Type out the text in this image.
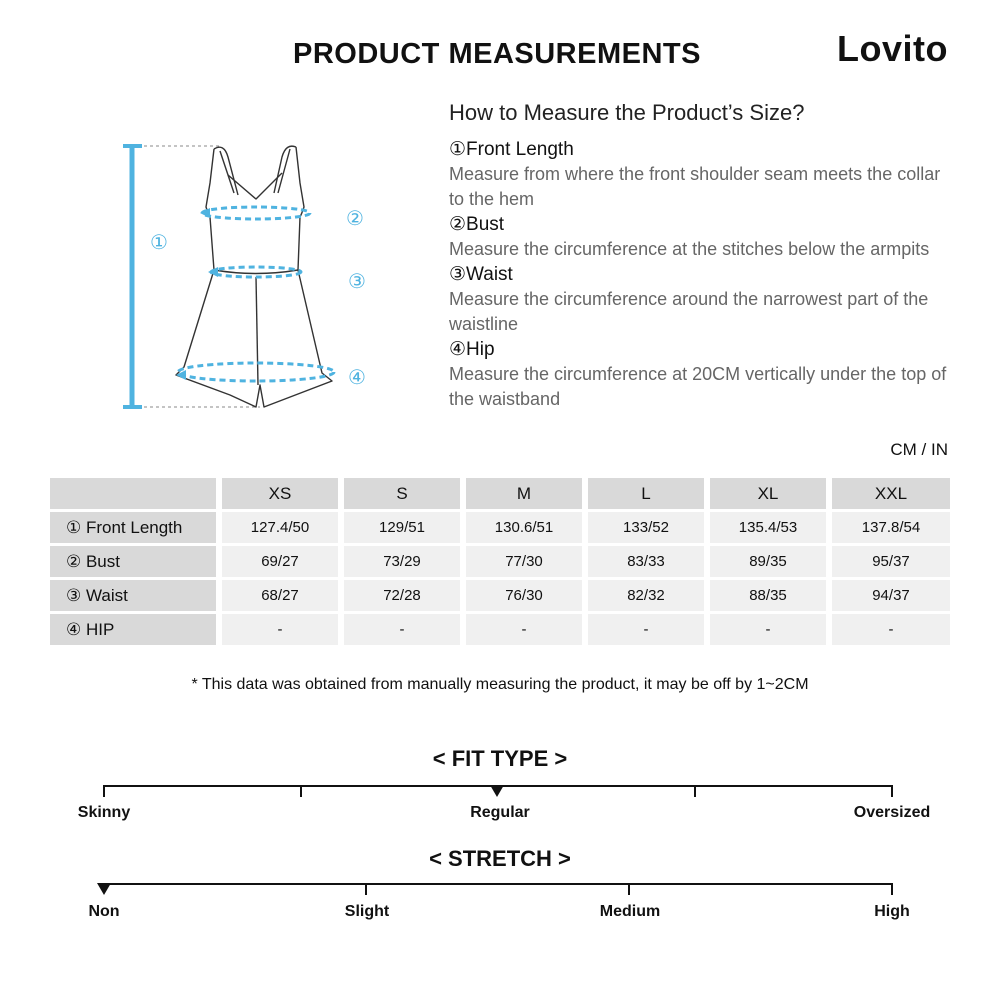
PRODUCT MEASUREMENTS	Lovito
①
②
③
④
How to Measure the Product’s Size?
①Front Length
Measure from where the front shoulder seam meets the collar to the hem
②Bust
Measure the circumference at the stitches below the armpits
③Waist
Measure the circumference around the narrowest part of the waistline
④Hip
Measure the circumference at 20CM vertically under the top of the waistband
CM / IN
XS	S	M	L	XL	XXL
① Front Length	127.4/50	129/51	130.6/51	133/52	135.4/53	137.8/54
② Bust	69/27	73/29	77/30	83/33	89/35	95/37
③ Waist	68/27	72/28	76/30	82/32	88/35	94/37
④ HIP	-	-	-	-	-	-
* This data was obtained from manually measuring the product, it may be off by 1~2CM
< FIT TYPE >
Skinny	Regular	Oversized
< STRETCH >
Non	Slight	Medium	High
